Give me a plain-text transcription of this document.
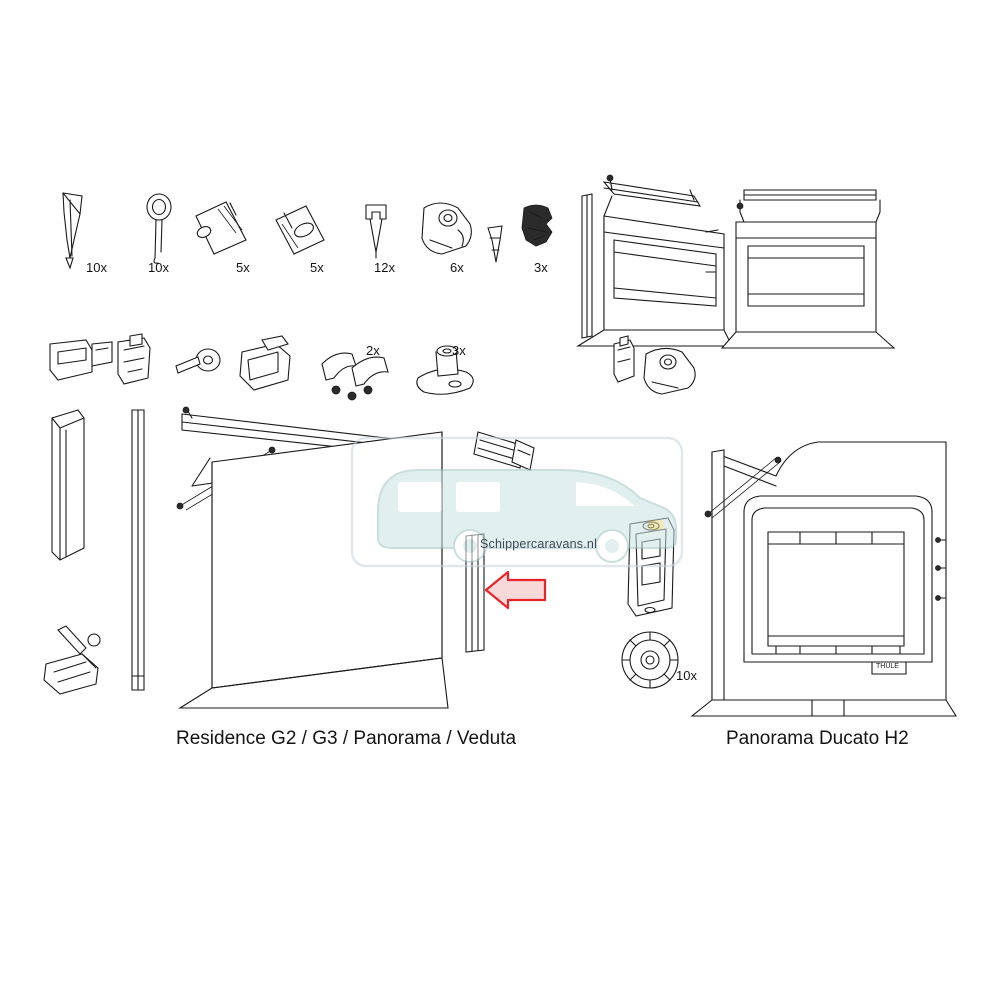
10x	10x	5x	5x	12x	6x	3x
2x	3x
10x
Residence G2 / G3 / Panorama / Veduta	Panorama Ducato H2
Schippercaravans.nl
THULE
